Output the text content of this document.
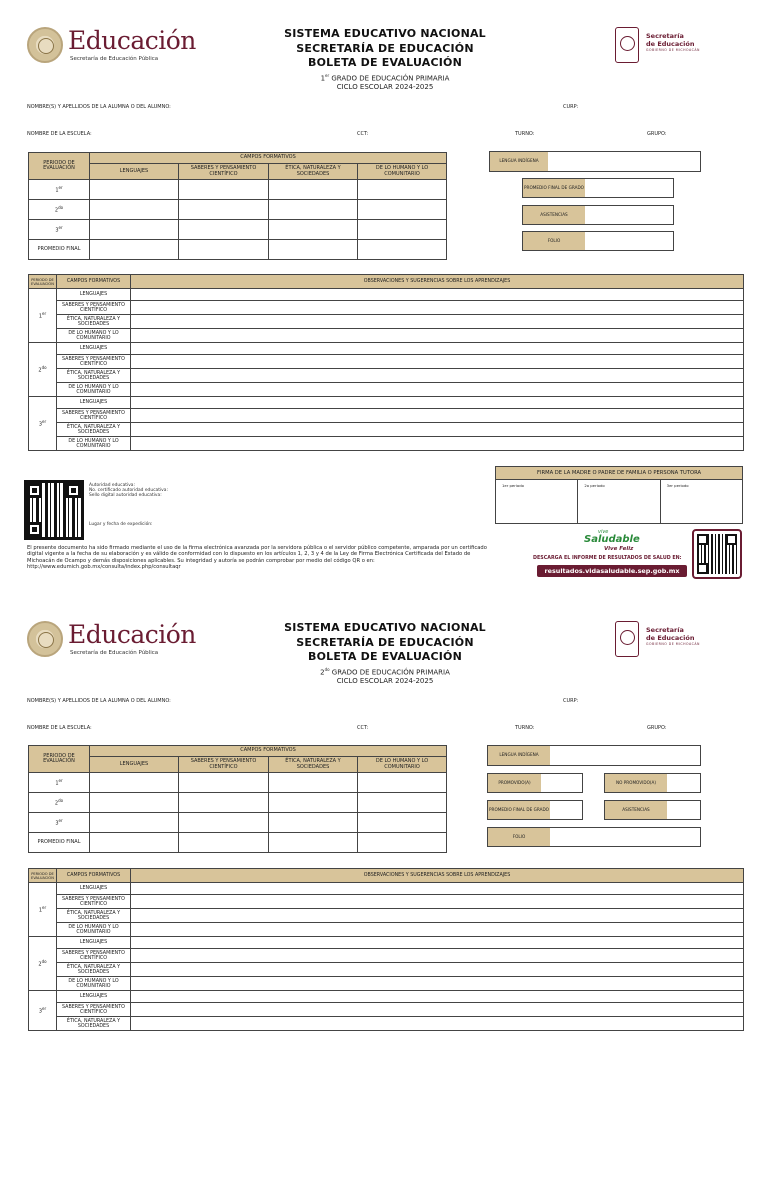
Educación
Secretaría de Educación Pública
SISTEMA EDUCATIVO NACIONAL
SECRETARÍA DE EDUCACIÓN
BOLETA DE EVALUACIÓN
1er GRADO DE EDUCACIÓN PRIMARIA
CICLO ESCOLAR 2024-2025
Secretaría
de Educación
GOBIERNO DE MICHOACÁN
NOMBRE(S) Y APELLIDOS DE LA ALUMNA O DEL ALUMNO:	CURP:
NOMBRE DE LA ESCUELA:	CCT:	TURNO:	GRUPO:
PERIODO DE EVALUACIÓN	CAMPOS FORMATIVOS			
	LENGUAJES	SABERES Y PENSAMIENTO CIENTÍFICO	ÉTICA, NATURALEZA Y SOCIEDADES	DE LO HUMANO Y LO COMUNITARIO
1er				
$2^{do}$				
3er				
PROMEDIO FINAL				
LENGUA INDÍGENA
PROMEDIO FINAL DE GRADO
ASISTENCIAS
FOLIO
PERIODO DE EVALUACIÓN	CAMPOS FORMATIVOS	OBSERVACIONES Y SUGERENCIAS SOBRE LOS APRENDIZAJES
1er	LENGUAJES	
	SABERES Y PENSAMIENTO CIENTÍFICO	
	ÉTICA, NATURALEZA Y SOCIEDADES	
	DE LO HUMANO Y LO COMUNITARIO	
$2^{do}$	LENGUAJES	
	SABERES Y PENSAMIENTO CIENTÍFICO	
	ÉTICA, NATURALEZA Y SOCIEDADES	
	DE LO HUMANO Y LO COMUNITARIO	
3er	LENGUAJES	
	SABERES Y PENSAMIENTO CIENTÍFICO	
	ÉTICA, NATURALEZA Y SOCIEDADES	
	DE LO HUMANO Y LO COMUNITARIO	
Autoridad educativa:
No. certificado autoridad educativa:
Sello digital autoridad educativa:
Lugar y fecha de expedición:
El presente documento ha sido firmado mediante el uso de la firma electrónica avanzada por la servidora pública o el servidor público competente, amparada por un certificado digital vigente a la fecha de su elaboración y es válido de conformidad con lo dispuesto en los artículos 1, 2, 3 y 4 de la Ley de Firma Electrónica Certificada del Estado de Michoacán de Ocampo y demás disposiciones aplicables. Su integridad y autoría se podrán comprobar por medio del código QR o en: http://www.edumich.gob.mx/consulta/index.php/consultaqr
FIRMA DE LA MADRE O PADRE DE FAMILIA O PERSONA TUTORA
1er periodo	2o periodo	3er periodo
vive
Saludable
Vive Feliz
DESCARGA EL INFORME DE RESULTADOS DE SALUD EN:
resultados.vidasaludable.sep.gob.mx
Educación
Secretaría de Educación Pública
SISTEMA EDUCATIVO NACIONAL
SECRETARÍA DE EDUCACIÓN
BOLETA DE EVALUACIÓN
$2^{do}$ GRADO DE EDUCACIÓN PRIMARIA
CICLO ESCOLAR 2024-2025
Secretaría
de Educación
GOBIERNO DE MICHOACÁN
NOMBRE(S) Y APELLIDOS DE LA ALUMNA O DEL ALUMNO:	CURP:
NOMBRE DE LA ESCUELA:	CCT:	TURNO:	GRUPO:
PERIODO DE EVALUACIÓN	CAMPOS FORMATIVOS			
	LENGUAJES	SABERES Y PENSAMIENTO CIENTÍFICO	ÉTICA, NATURALEZA Y SOCIEDADES	DE LO HUMANO Y LO COMUNITARIO
1er				
$2^{do}$				
3er				
PROMEDIO FINAL				
LENGUA INDÍGENA
PROMOVIDO(A)	NO PROMOVIDO(A)
PROMEDIO FINAL DE GRADO	ASISTENCIAS
FOLIO
PERIODO DE EVALUACIÓN	CAMPOS FORMATIVOS	OBSERVACIONES Y SUGERENCIAS SOBRE LOS APRENDIZAJES
1er	LENGUAJES	
	SABERES Y PENSAMIENTO CIENTÍFICO	
	ÉTICA, NATURALEZA Y SOCIEDADES	
	DE LO HUMANO Y LO COMUNITARIO	
$2^{do}$	LENGUAJES	
	SABERES Y PENSAMIENTO CIENTÍFICO	
	ÉTICA, NATURALEZA Y SOCIEDADES	
	DE LO HUMANO Y LO COMUNITARIO	
3er	LENGUAJES	
	SABERES Y PENSAMIENTO CIENTÍFICO	
	ÉTICA, NATURALEZA Y SOCIEDADES	
